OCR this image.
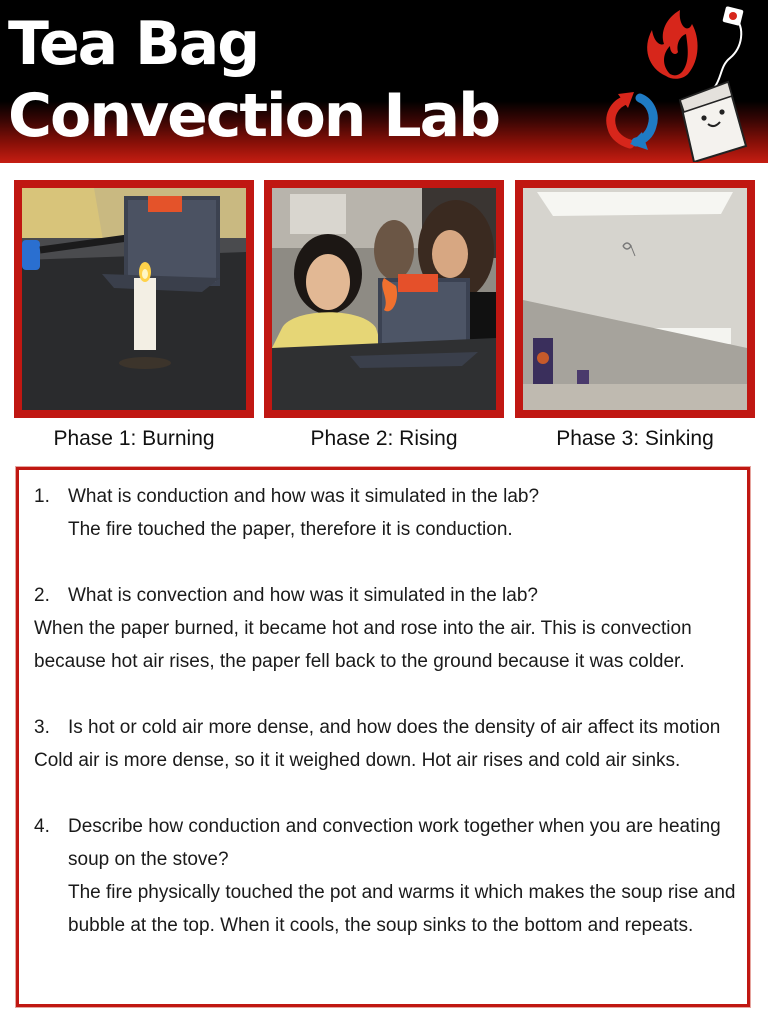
Tea Bag
Convection Lab
Phase 1: Burning	Phase 2: Rising	Phase 3: Sinking
1. What is conduction and how was it simulated in the lab?
The fire touched the paper, therefore it is conduction.
2. What is convection and how was it simulated in the lab?
When the paper burned, it became hot and rose into the air. This is convection
because hot air rises, the paper fell back to the ground because it was colder.
3. Is hot or cold air more dense, and how does the density of air affect its motion
Cold air is more dense, so it it weighed down. Hot air rises and cold air sinks.
4. Describe how conduction and convection work together when you are heating
soup on the stove?
The fire physically touched the pot and warms it which makes the soup rise and
bubble at the top. When it cools, the soup sinks to the bottom and repeats.
